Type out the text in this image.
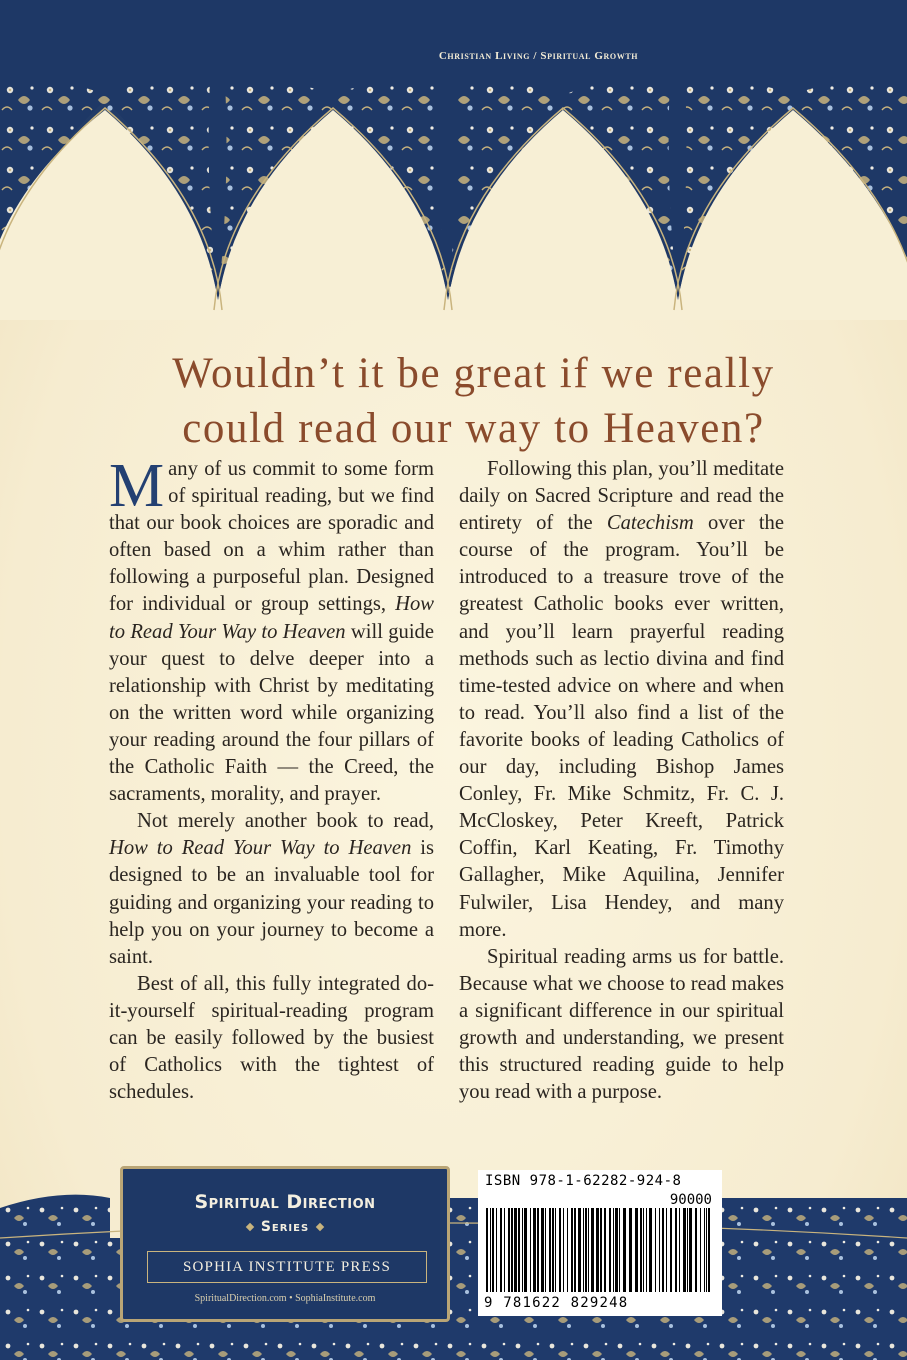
Christian Living / Spiritual Growth
Wouldn’t it be great if we really
could read our way to Heaven?

Many of us commit to some form of spiritual reading, but we find that our book choices are sporadic and often based on a whim rather than following a purposeful plan. Designed for individual or group settings, How to Read Your Way to Heaven will guide your quest to delve deeper into a relationship with Christ by meditating on the written word while organizing your reading around the four pillars of the Catholic Faith — the Creed, the sacraments, morality, and prayer.

Not merely another book to read, How to Read Your Way to Heaven is designed to be an invaluable tool for guiding and organizing your reading to help you on your journey to become a saint.

Best of all, this fully integrated do-it-yourself spiritual-reading program can be easily followed by the busiest of Catholics with the tightest of schedules.

Following this plan, you’ll meditate daily on Sacred Scripture and read the entirety of the Catechism over the course of the program. You’ll be introduced to a treasure trove of the greatest Catholic books ever written, and you’ll learn prayerful reading methods such as lectio divina and find time-tested advice on where and when to read. You’ll also find a list of the favorite books of leading Catholics of our day, including Bishop James Conley, Fr. Mike Schmitz, Fr. C. J. McCloskey, Peter Kreeft, Patrick Coffin, Karl Keating, Fr. Timothy Gallagher, Mike Aquilina, Jennifer Fulwiler, Lisa Hendey, and many more.

Spiritual reading arms us for battle. Because what we choose to read makes a significant difference in our spiritual growth and understanding, we present this structured reading guide to help you read with a purpose.

Spiritual Direction
Series
SOPHIA INSTITUTE PRESS
SpiritualDirection.com • SophiaInstitute.com
ISBN 978-1-62282-924-8
90000
9 781622 829248
